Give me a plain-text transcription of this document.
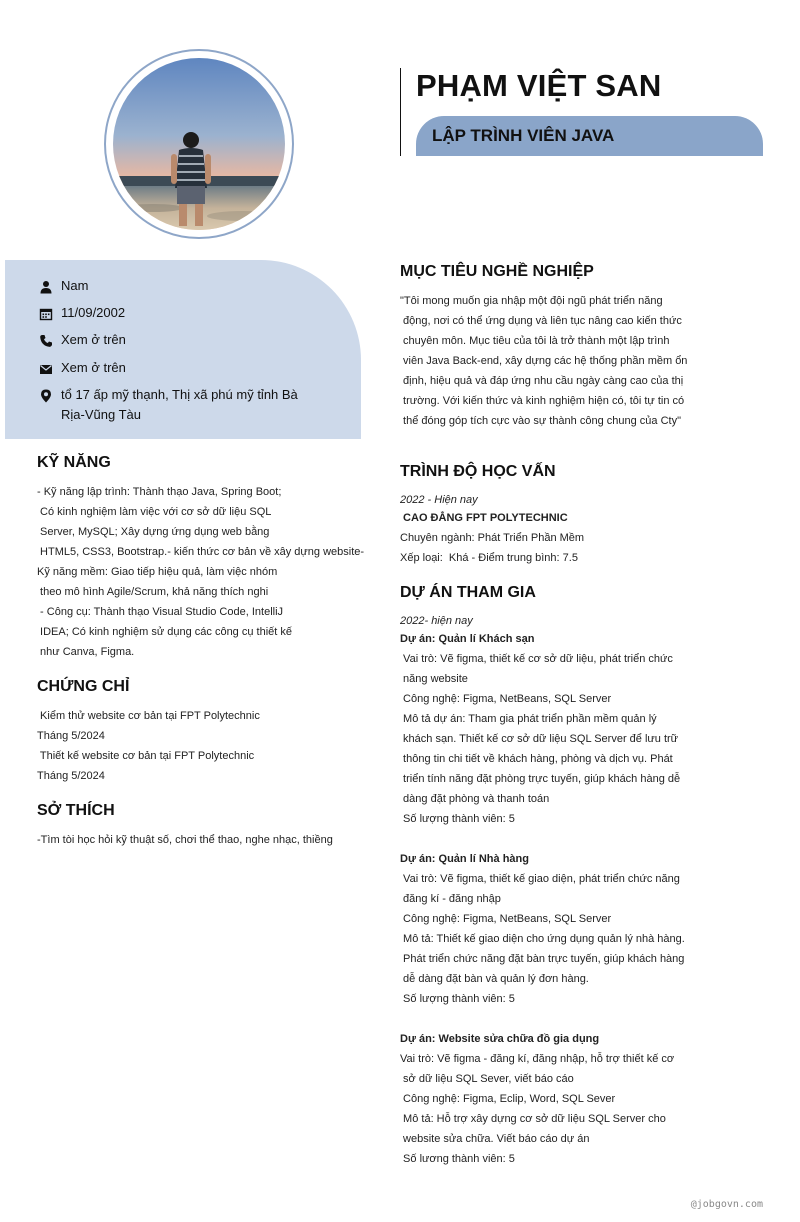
PHẠM VIỆT SAN
LẬP TRÌNH VIÊN JAVA
Nam
11/09/2002
Xem ở trên
Xem ở trên
tổ 17 ấp mỹ thạnh, Thị xã phú mỹ tỉnh Bà Rịa-Vũng Tàu
KỸ NĂNG
- Kỹ năng lập trình: Thành thạo Java, Spring Boot;
Có kinh nghiệm làm việc với cơ sở dữ liệu SQL
Server, MySQL; Xây dựng ứng dụng web bằng
HTML5, CSS3, Bootstrap.- kiến thức cơ bản về xây dựng website-
Kỹ năng mềm: Giao tiếp hiệu quả, làm việc nhóm
theo mô hình Agile/Scrum, khả năng thích nghi
- Công cụ: Thành thạo Visual Studio Code, IntelliJ
IDEA; Có kinh nghiệm sử dụng các công cụ thiết kế
như Canva, Figma.
CHỨNG CHỈ
Kiểm thử website cơ bản tại FPT Polytechnic
Tháng 5/2024
Thiết kế website cơ bản tại FPT Polytechnic
Tháng 5/2024
SỞ THÍCH
-Tìm tòi học hỏi kỹ thuật số, chơi thể thao, nghe nhạc, thiềng
MỤC TIÊU NGHỀ NGHIỆP
"Tôi mong muốn gia nhập một đội ngũ phát triển năng
động, nơi có thể ứng dụng và liên tục nâng cao kiến thức
chuyên môn. Mục tiêu của tôi là trở thành một lập trình
viên Java Back-end, xây dựng các hệ thống phần mềm ổn
định, hiệu quả và đáp ứng nhu cầu ngày càng cao của thị
trường. Với kiến thức và kinh nghiệm hiện có, tôi tự tin có
thể đóng góp tích cực vào sự thành công chung của Cty"
TRÌNH ĐỘ HỌC VẤN
2022 - Hiện nay
CAO ĐẲNG FPT POLYTECHNIC
Chuyên ngành: Phát Triển Phần Mềm
Xếp loại:  Khá - Điểm trung bình: 7.5
DỰ ÁN THAM GIA
2022- hiện nay
Dự án: Quản lí Khách sạn
Vai trò: Vẽ figma, thiết kế cơ sở dữ liệu, phát triển chức
năng website
Công nghệ: Figma, NetBeans, SQL Server
Mô tả dự án: Tham gia phát triển phần mềm quản lý
khách sạn. Thiết kế cơ sở dữ liệu SQL Server để lưu trữ
thông tin chi tiết về khách hàng, phòng và dịch vụ. Phát
triển tính năng đặt phòng trực tuyến, giúp khách hàng dễ
dàng đặt phòng và thanh toán
Số lượng thành viên: 5
Dự án: Quản lí Nhà hàng
Vai trò: Vẽ figma, thiết kế giao diện, phát triển chức năng
đăng kí - đăng nhập
Công nghệ: Figma, NetBeans, SQL Server
Mô tả: Thiết kế giao diện cho ứng dụng quản lý nhà hàng.
Phát triển chức năng đặt bàn trực tuyến, giúp khách hàng
dễ dàng đặt bàn và quản lý đơn hàng.
Số lượng thành viên: 5
Dự án: Website sửa chữa đồ gia dụng
Vai trò: Vẽ figma - đăng kí, đăng nhập, hỗ trợ thiết kế cơ
sở dữ liệu SQL Sever, viết báo cáo
Công nghệ: Figma, Eclip, Word, SQL Sever
Mô tả: Hỗ trợ xây dựng cơ sở dữ liệu SQL Server cho
website sửa chữa. Viết báo cáo dự án
Số lương thành viên: 5
@jobgovn.com
